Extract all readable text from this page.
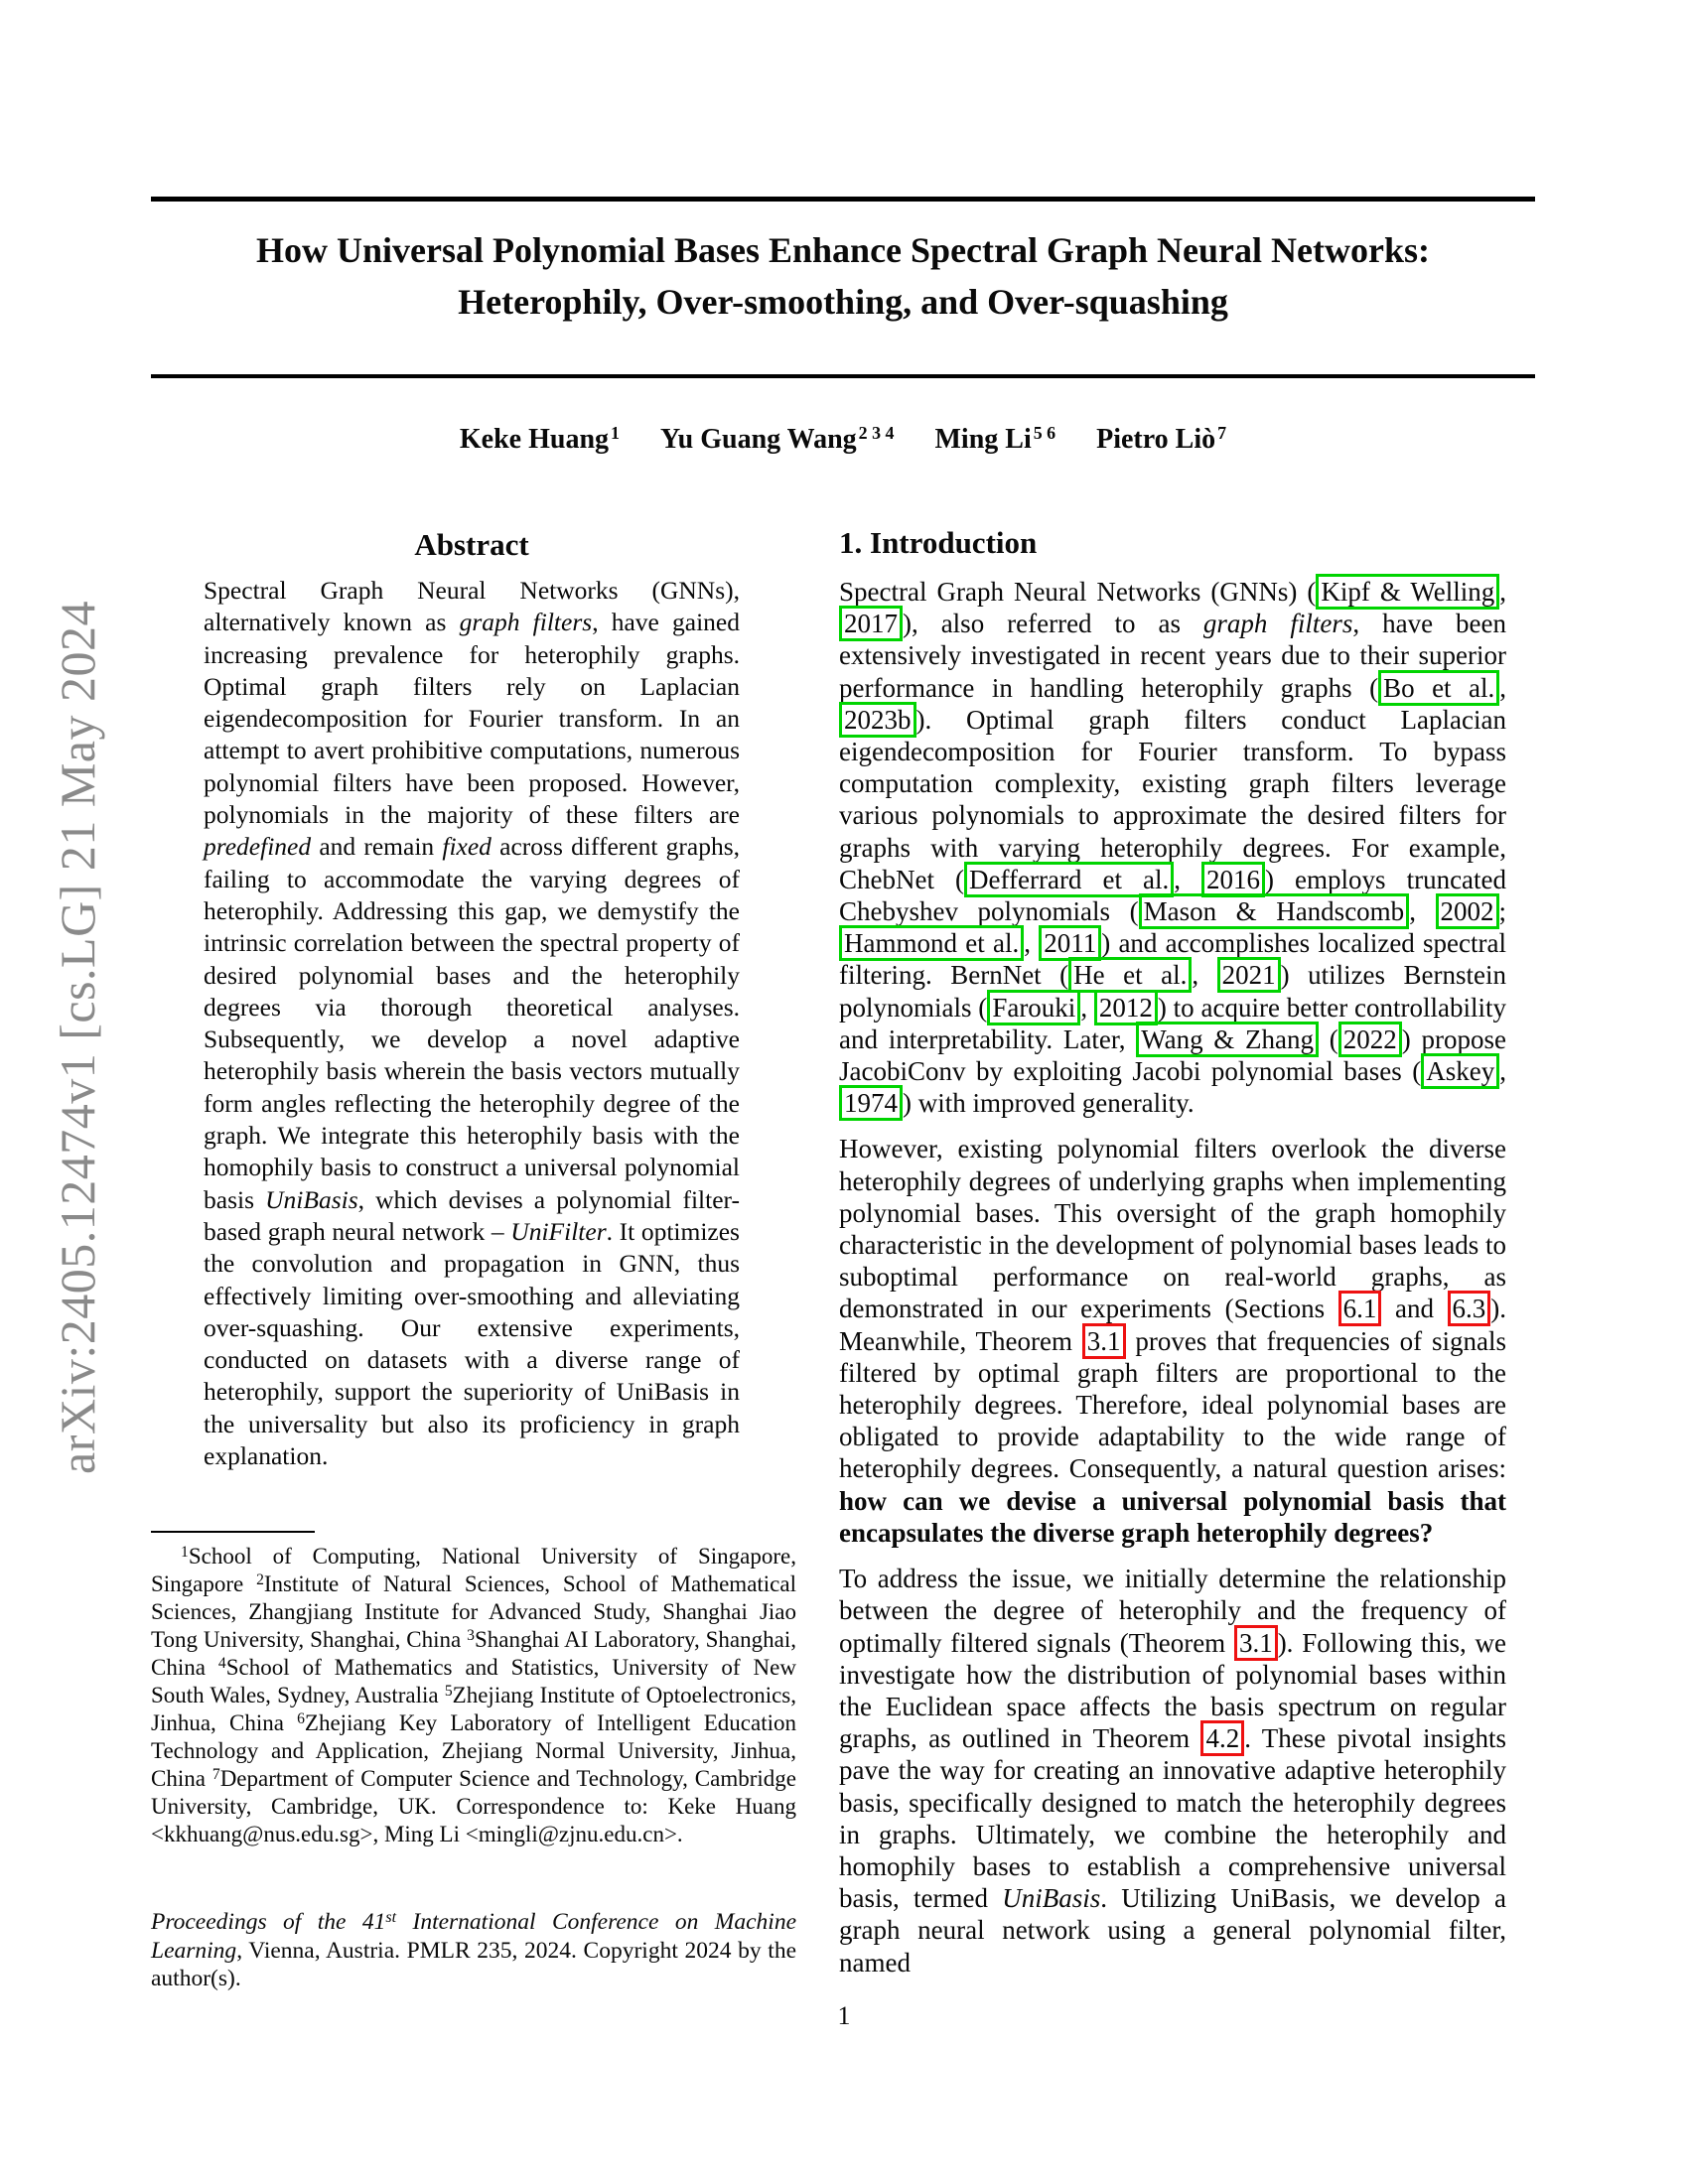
arXiv:2405.12474v1 [cs.LG] 21 May 2024
How Universal Polynomial Bases Enhance Spectral Graph Neural Networks:
Heterophily, Over-smoothing, and Over-squashing
Keke Huang $^1$ Yu Guang Wang $^{2 3 4}$ Ming Li $^{5 6}$ Pietro Liò $^7$
Abstract
Spectral Graph Neural Networks (GNNs), alternatively known as graph filters, have gained increasing prevalence for heterophily graphs. Optimal graph filters rely on Laplacian eigendecomposition for Fourier transform. In an attempt to avert prohibitive computations, numerous polynomial filters have been proposed. However, polynomials in the majority of these filters are predefined and remain fixed across different graphs, failing to accommodate the varying degrees of heterophily. Addressing this gap, we demystify the intrinsic correlation between the spectral property of desired polynomial bases and the heterophily degrees via thorough theoretical analyses. Subsequently, we develop a novel adaptive heterophily basis wherein the basis vectors mutually form angles reflecting the heterophily degree of the graph. We integrate this heterophily basis with the homophily basis to construct a universal polynomial basis UniBasis, which devises a polynomial filter-based graph neural network – UniFilter. It optimizes the convolution and propagation in GNN, thus effectively limiting over-smoothing and alleviating over-squashing. Our extensive experiments, conducted on datasets with a diverse range of heterophily, support the superiority of UniBasis in the universality but also its proficiency in graph explanation.
$^1$School of Computing, National University of Singapore, Singapore $^2$Institute of Natural Sciences, School of Mathematical Sciences, Zhangjiang Institute for Advanced Study, Shanghai Jiao Tong University, Shanghai, China $^3$Shanghai AI Laboratory, Shanghai, China $^4$School of Mathematics and Statistics, University of New South Wales, Sydney, Australia $^5$Zhejiang Institute of Optoelectronics, Jinhua, China $^6$Zhejiang Key Laboratory of Intelligent Education Technology and Application, Zhejiang Normal University, Jinhua, China $^7$Department of Computer Science and Technology, Cambridge University, Cambridge, UK. Correspondence to: Keke Huang <kkhuang@nus.edu.sg>, Ming Li <mingli@zjnu.edu.cn>.
Proceedings of the 41st International Conference on Machine Learning, Vienna, Austria. PMLR 235, 2024. Copyright 2024 by the author(s).
1. Introduction

Spectral Graph Neural Networks (GNNs) ( Kipf & Welling , 2017 ), also referred to as graph filters, have been extensively investigated in recent years due to their superior performance in handling heterophily graphs ( Bo et al. , 2023b ). Optimal graph filters conduct Laplacian eigendecomposition for Fourier transform. To bypass computation complexity, existing graph filters leverage various polynomials to approximate the desired filters for graphs with varying heterophily degrees. For example, ChebNet ( Defferrard et al. , 2016 ) employs truncated Chebyshev polynomials ( Mason & Handscomb , 2002 ; Hammond et al. , 2011 ) and accomplishes localized spectral filtering. BernNet ( He et al. , 2021 ) utilizes Bernstein polynomials ( Farouki , 2012 ) to acquire better controllability and interpretability. Later, Wang & Zhang ( 2022 ) propose JacobiConv by exploiting Jacobi polynomial bases ( Askey , 1974 ) with improved generality.

However, existing polynomial filters overlook the diverse heterophily degrees of underlying graphs when implementing polynomial bases. This oversight of the graph homophily characteristic in the development of polynomial bases leads to suboptimal performance on real-world graphs, as demonstrated in our experiments (Sections 6.1 and 6.3 ). Meanwhile, Theorem 3.1 proves that frequencies of signals filtered by optimal graph filters are proportional to the heterophily degrees. Therefore, ideal polynomial bases are obligated to provide adaptability to the wide range of heterophily degrees. Consequently, a natural question arises: how can we devise a universal polynomial basis that encapsulates the diverse graph heterophily degrees?

To address the issue, we initially determine the relationship between the degree of heterophily and the frequency of optimally filtered signals (Theorem 3.1 ). Following this, we investigate how the distribution of polynomial bases within the Euclidean space affects the basis spectrum on regular graphs, as outlined in Theorem 4.2 . These pivotal insights pave the way for creating an innovative adaptive heterophily basis, specifically designed to match the heterophily degrees in graphs. Ultimately, we combine the heterophily and homophily bases to establish a comprehensive universal basis, termed UniBasis. Utilizing UniBasis, we develop a graph neural network using a general polynomial filter, named

1
